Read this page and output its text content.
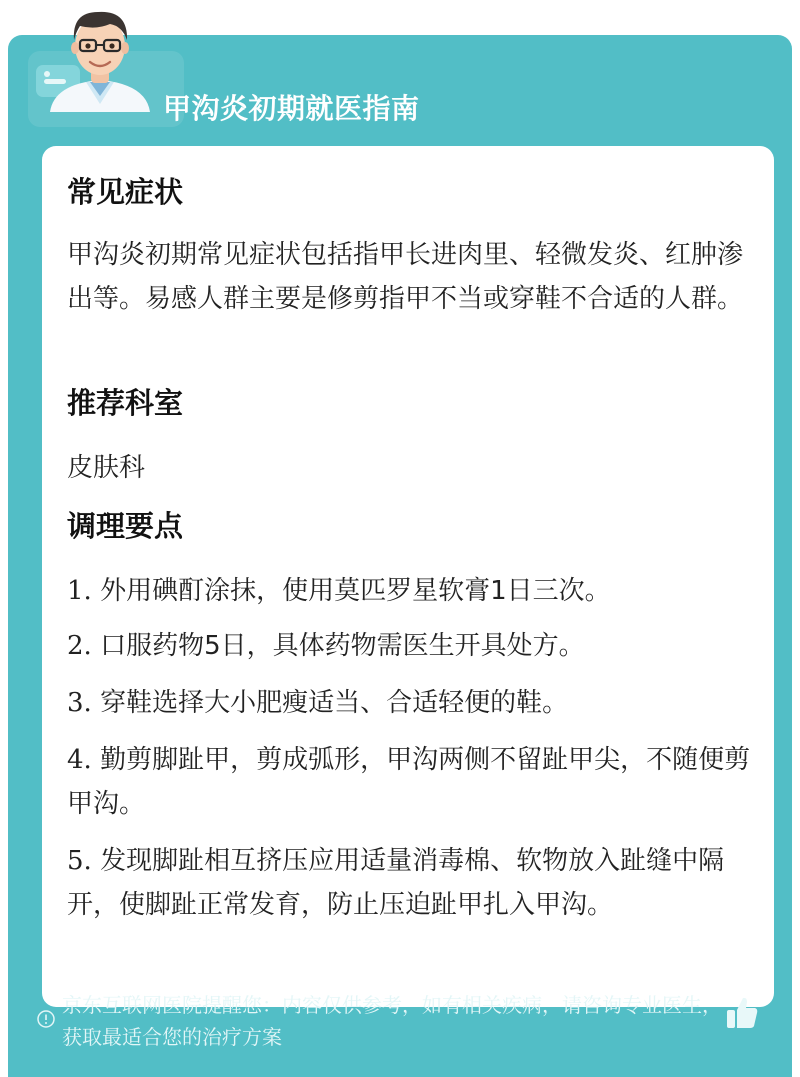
甲沟炎初期就医指南
常见症状

甲沟炎初期常见症状包括指甲长进肉里、轻微发炎、红肿渗出等。易感人群主要是修剪指甲不当或穿鞋不合适的人群。

推荐科室

皮肤科

调理要点

1. 外用碘酊涂抹，使用莫匹罗星软膏1日三次。

2. 口服药物5日，具体药物需医生开具处方。

3. 穿鞋选择大小肥瘦适当、合适轻便的鞋。

4. 勤剪脚趾甲，剪成弧形，甲沟两侧不留趾甲尖，不随便剪甲沟。

5. 发现脚趾相互挤压应用适量消毒棉、软物放入趾缝中隔开，使脚趾正常发育，防止压迫趾甲扎入甲沟。

京东互联网医院提醒您：内容仅供参考，如有相关疾病，请咨询专业医生，获取最适合您的治疗方案
